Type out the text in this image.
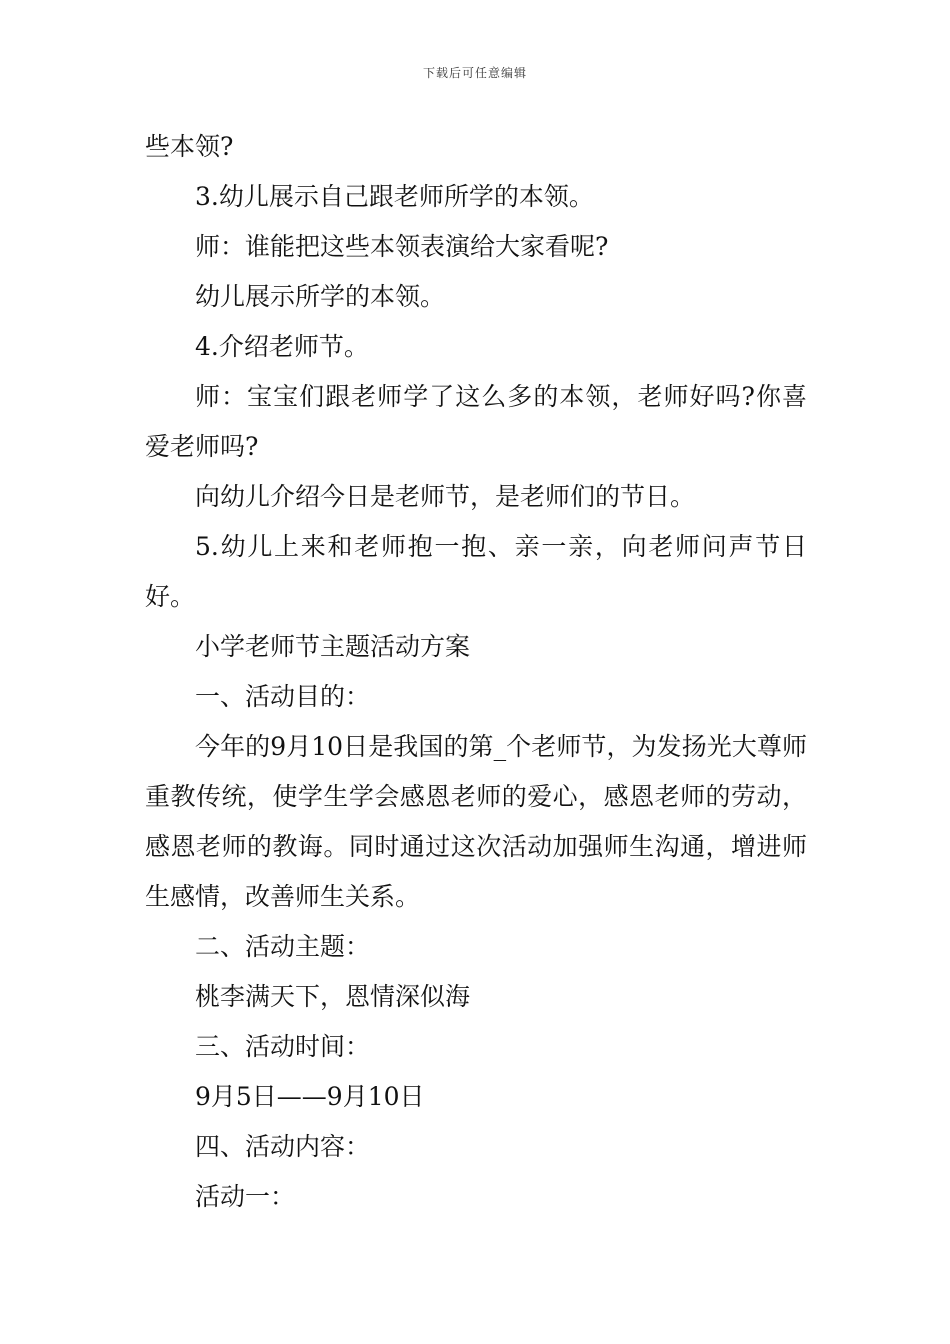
下载后可任意编辑

些本领?

3.幼儿展示自己跟老师所学的本领。

师：谁能把这些本领表演给大家看呢?

幼儿展示所学的本领。

4.介绍老师节。

师：宝宝们跟老师学了这么多的本领，老师好吗?你喜爱老师吗?

向幼儿介绍今日是老师节，是老师们的节日。

5.幼儿上来和老师抱一抱、亲一亲，向老师问声节日好。

小学老师节主题活动方案

一、活动目的：

今年的9月10日是我国的第_个老师节，为发扬光大尊师重教传统，使学生学会感恩老师的爱心，感恩老师的劳动，感恩老师的教诲。同时通过这次活动加强师生沟通，增进师生感情，改善师生关系。

二、活动主题：

桃李满天下，恩情深似海

三、活动时间：

9月5日——9月10日

四、活动内容：

活动一：
